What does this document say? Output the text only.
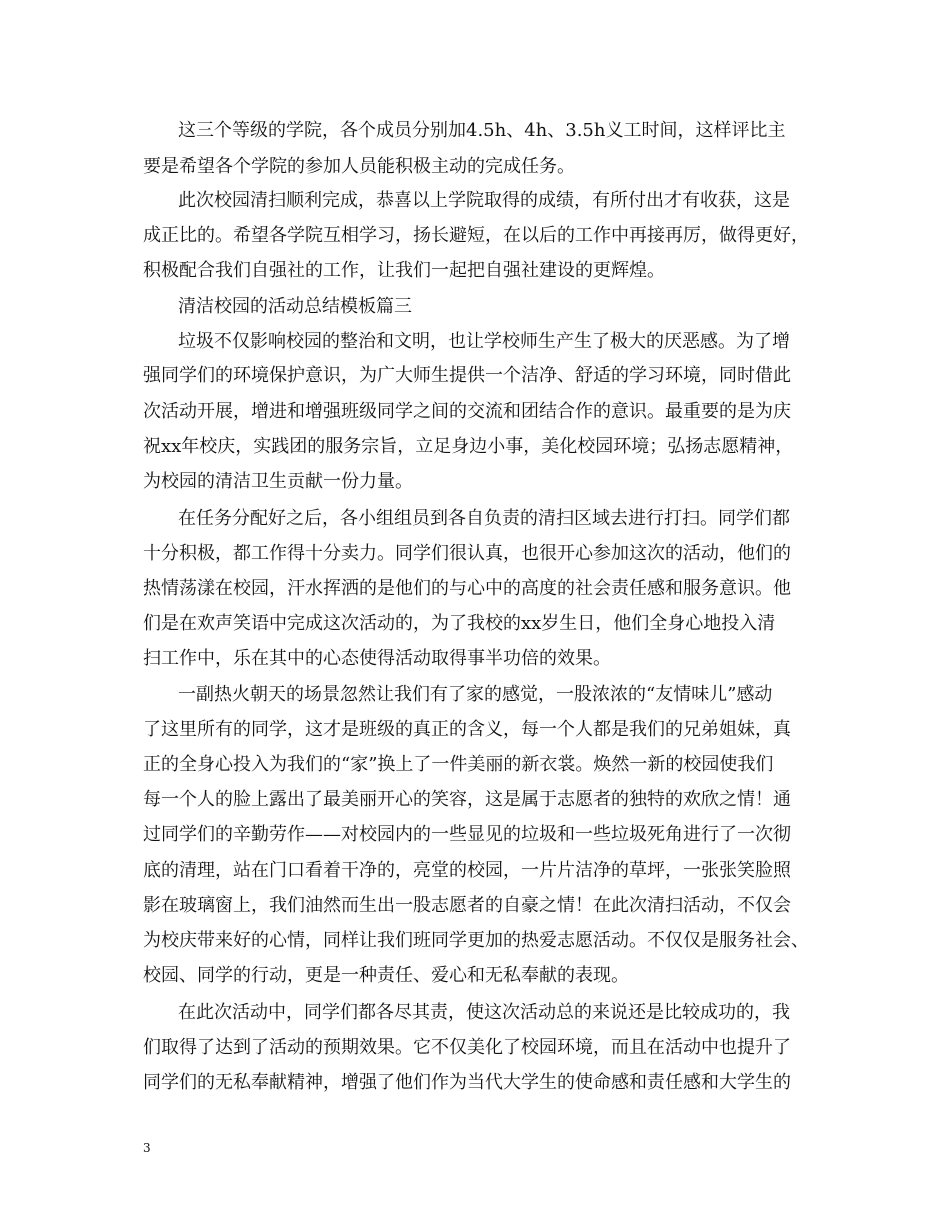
这三个等级的学院，各个成员分别加4.5h、4h、3.5h义工时间，这样评比主
要是希望各个学院的参加人员能积极主动的完成任务。
此次校园清扫顺利完成，恭喜以上学院取得的成绩，有所付出才有收获，这是
成正比的。希望各学院互相学习，扬长避短，在以后的工作中再接再厉，做得更好，
积极配合我们自强社的工作，让我们一起把自强社建设的更辉煌。
清洁校园的活动总结模板篇三
垃圾不仅影响校园的整治和文明，也让学校师生产生了极大的厌恶感。为了增
强同学们的环境保护意识，为广大师生提供一个洁净、舒适的学习环境，同时借此
次活动开展，增进和增强班级同学之间的交流和团结合作的意识。最重要的是为庆
祝xx年校庆，实践团的服务宗旨，立足身边小事，美化校园环境；弘扬志愿精神，
为校园的清洁卫生贡献一份力量。
在任务分配好之后，各小组组员到各自负责的清扫区域去进行打扫。同学们都
十分积极，都工作得十分卖力。同学们很认真，也很开心参加这次的活动，他们的
热情荡漾在校园，汗水挥洒的是他们的与心中的高度的社会责任感和服务意识。他
们是在欢声笑语中完成这次活动的，为了我校的xx岁生日，他们全身心地投入清
扫工作中，乐在其中的心态使得活动取得事半功倍的效果。
一副热火朝天的场景忽然让我们有了家的感觉，一股浓浓的“友情味儿”感动
了这里所有的同学，这才是班级的真正的含义，每一个人都是我们的兄弟姐妹，真
正的全身心投入为我们的“家”换上了一件美丽的新衣裳。焕然一新的校园使我们
每一个人的脸上露出了最美丽开心的笑容，这是属于志愿者的独特的欢欣之情！通
过同学们的辛勤劳作——对校园内的一些显见的垃圾和一些垃圾死角进行了一次彻
底的清理，站在门口看着干净的，亮堂的校园，一片片洁净的草坪，一张张笑脸照
影在玻璃窗上，我们油然而生出一股志愿者的自豪之情！在此次清扫活动，不仅会
为校庆带来好的心情，同样让我们班同学更加的热爱志愿活动。不仅仅是服务社会、
校园、同学的行动，更是一种责任、爱心和无私奉献的表现。
在此次活动中，同学们都各尽其责，使这次活动总的来说还是比较成功的，我
们取得了达到了活动的预期效果。它不仅美化了校园环境，而且在活动中也提升了
同学们的无私奉献精神，增强了他们作为当代大学生的使命感和责任感和大学生的
3
